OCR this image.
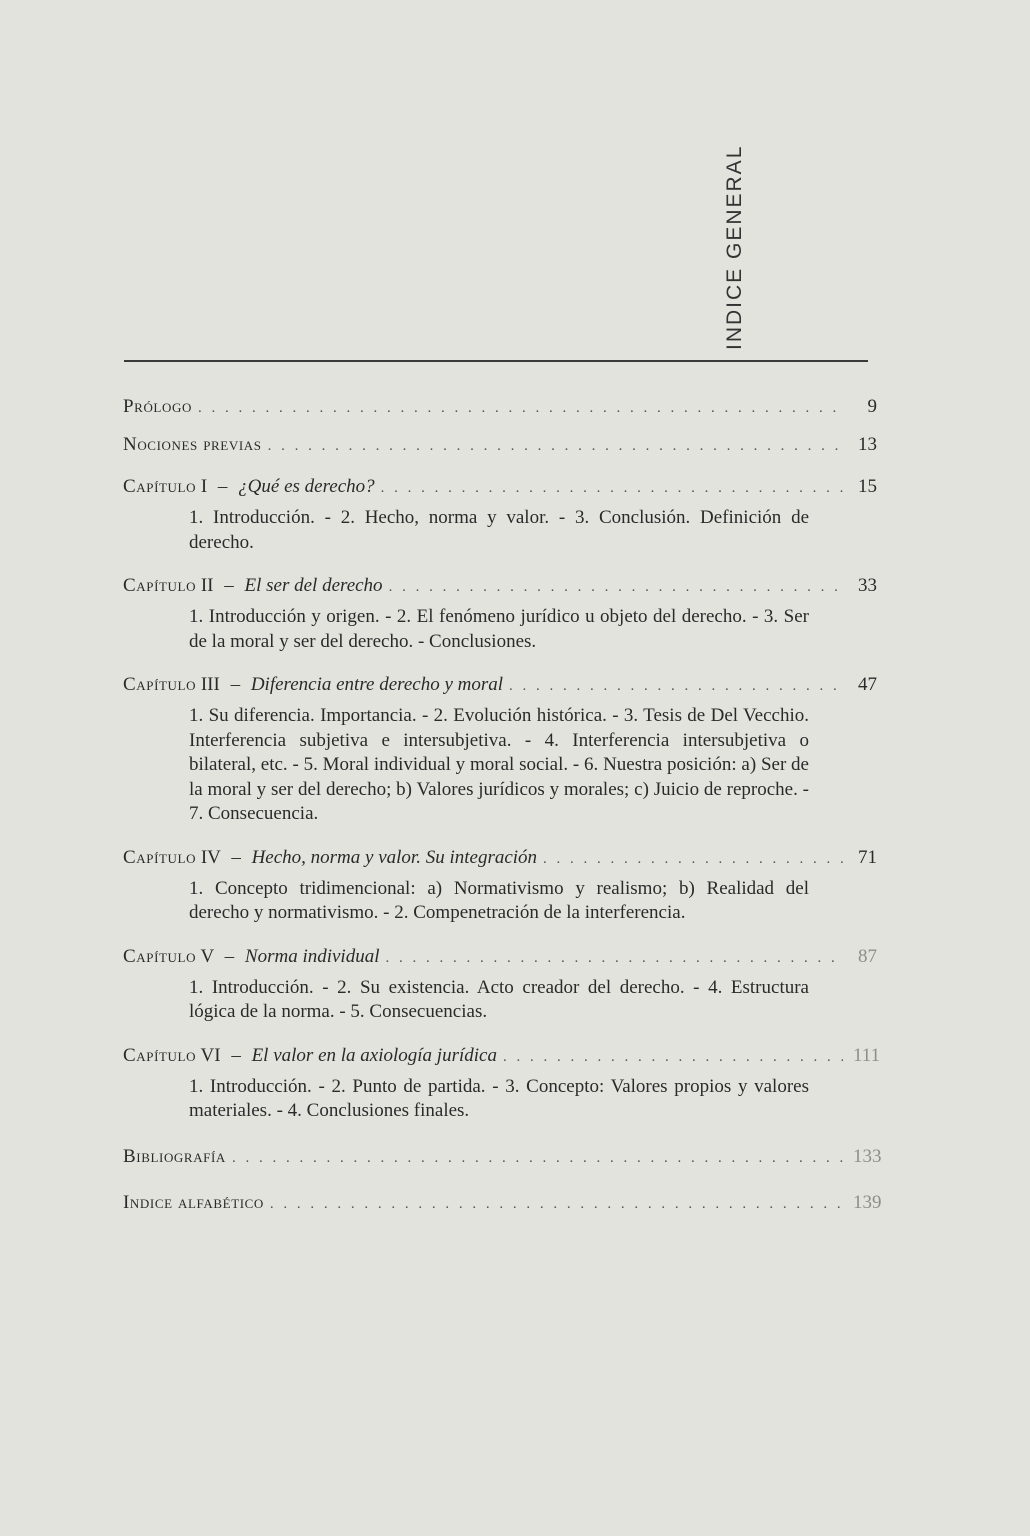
INDICE GENERAL
Prólogo . . .	9
Nociones previas . . .	13
Capítulo I – ¿Qué es derecho? . . .	15
1. Introducción. - 2. Hecho, norma y valor. - 3. Conclusión. Definición de derecho.
Capítulo II – El ser del derecho . . .	33
1. Introducción y origen. - 2. El fenómeno jurídico u objeto del derecho. - 3. Ser de la moral y ser del derecho. - Conclusiones.
Capítulo III – Diferencia entre derecho y moral . . .	47
1. Su diferencia. Importancia. - 2. Evolución histórica. - 3. Tesis de Del Vecchio. Interferencia subjetiva e intersubjetiva. - 4. Interferencia intersubjetiva o bilateral, etc. - 5. Moral individual y moral social. - 6. Nuestra posición: a) Ser de la moral y ser del derecho; b) Valores jurídicos y morales; c) Juicio de reproche. - 7. Consecuencia.
Capítulo IV – Hecho, norma y valor. Su integración . . .	71
1. Concepto tridimencional: a) Normativismo y realismo; b) Realidad del derecho y normativismo. - 2. Compenetración de la interferencia.
Capítulo V – Norma individual . . .	87
1. Introducción. - 2. Su existencia. Acto creador del derecho. - 4. Estructura lógica de la norma. - 5. Consecuencias.
Capítulo VI – El valor en la axiología jurídica . . .	111
1. Introducción. - 2. Punto de partida. - 3. Concepto: Valores propios y valores materiales. - 4. Conclusiones finales.
Bibliografía . . .	133
Indice alfabético . . .	139
